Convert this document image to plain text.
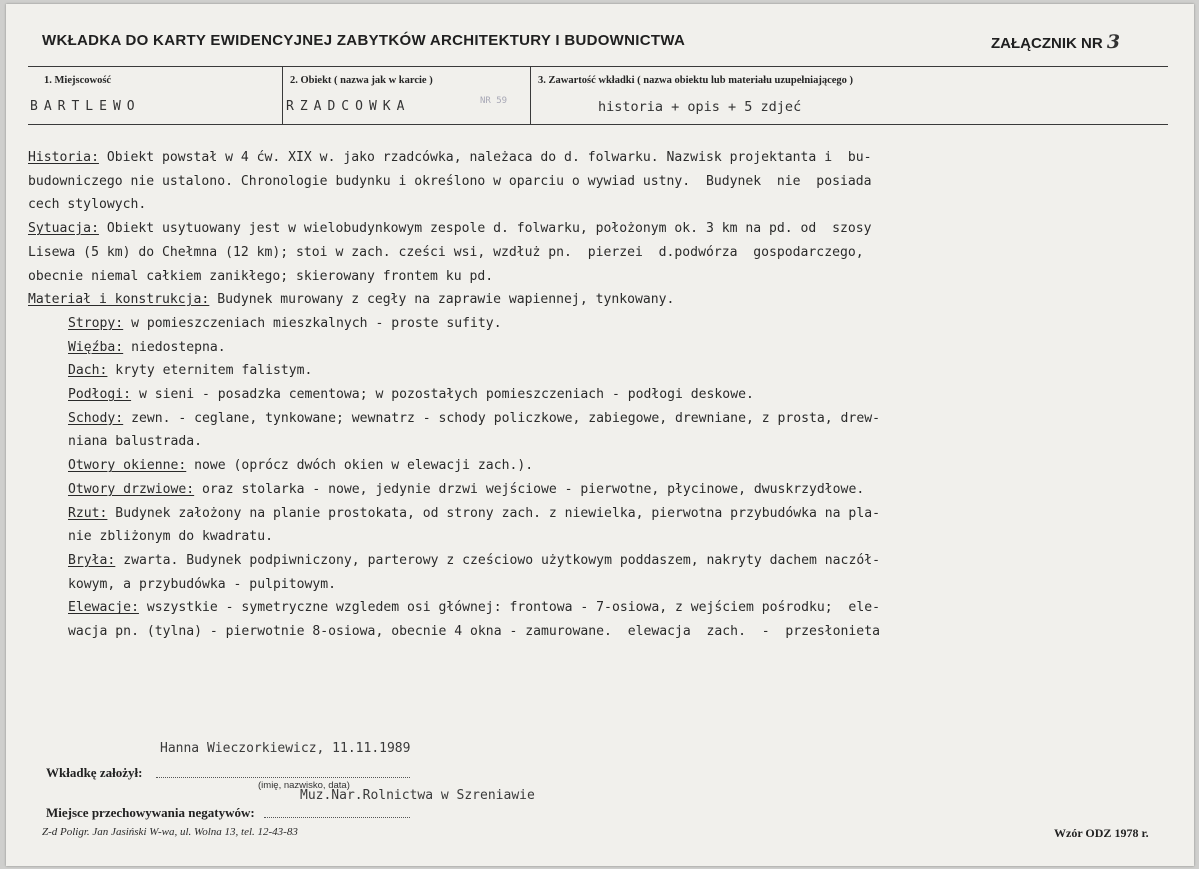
WKŁADKA DO KARTY EWIDENCYJNEJ ZABYTKÓW ARCHITEKTURY I BUDOWNICTWA	ZAŁĄCZNIK NR 3
1. Miejscowość	2. Obiekt ( nazwa jak w karcie )	3. Zawartość wkładki ( nazwa obiektu lub materiału uzupełniającego )
BARTLEWO	RZADCOWKA	NR 59	historia + opis + 5 zdjeć

Historia: Obiekt powstał w 4 ćw. XIX w. jako rzadcówka, należaca do d. folwarku. Nazwisk projektanta i  bu-

budowniczego nie ustalono. Chronologie budynku i określono w oparciu o wywiad ustny.  Budynek  nie  posiada

cech stylowych.

Sytuacja: Obiekt usytuowany jest w wielobudynkowym zespole d. folwarku, położonym ok. 3 km na pd. od  szosy

Lisewa (5 km) do Chełmna (12 km); stoi w zach. cześci wsi, wzdłuż pn.  pierzei  d.podwórza  gospodarczego,

obecnie niemal całkiem zanikłego; skierowany frontem ku pd.

Materiał i konstrukcja: Budynek murowany z cegły na zaprawie wapiennej, tynkowany.

Stropy: w pomieszczeniach mieszkalnych - proste sufity.

Więźba: niedostepna.

Dach: kryty eternitem falistym.

Podłogi: w sieni - posadzka cementowa; w pozostałych pomieszczeniach - podłogi deskowe.

Schody: zewn. - ceglane, tynkowane; wewnatrz - schody policzkowe, zabiegowe, drewniane, z prosta, drew-

niana balustrada.

Otwory okienne: nowe (oprócz dwóch okien w elewacji zach.).

Otwory drzwiowe: oraz stolarka - nowe, jedynie drzwi wejściowe - pierwotne, płycinowe, dwuskrzydłowe.

Rzut: Budynek założony na planie prostokata, od strony zach. z niewielka, pierwotna przybudówka na pla-

nie zbliżonym do kwadratu.

Bryła: zwarta. Budynek podpiwniczony, parterowy z cześciowo użytkowym poddaszem, nakryty dachem naczół-

kowym, a przybudówka - pulpitowym.

Elewacje: wszystkie - symetryczne wzgledem osi głównej: frontowa - 7-osiowa, z wejściem pośrodku;  ele-

wacja pn. (tylna) - pierwotnie 8-osiowa, obecnie 4 okna - zamurowane.  elewacja  zach.  -  przesłonieta

Hanna Wieczorkiewicz, 11.11.1989
Wkładkę założył:
(imię, nazwisko, data)
Muz.Nar.Rolnictwa w Szreniawie
Miejsce przechowywania negatywów:
Z-d Poligr. Jan Jasiński W-wa, ul. Wolna 13, tel. 12-43-83	Wzór ODZ 1978 r.
